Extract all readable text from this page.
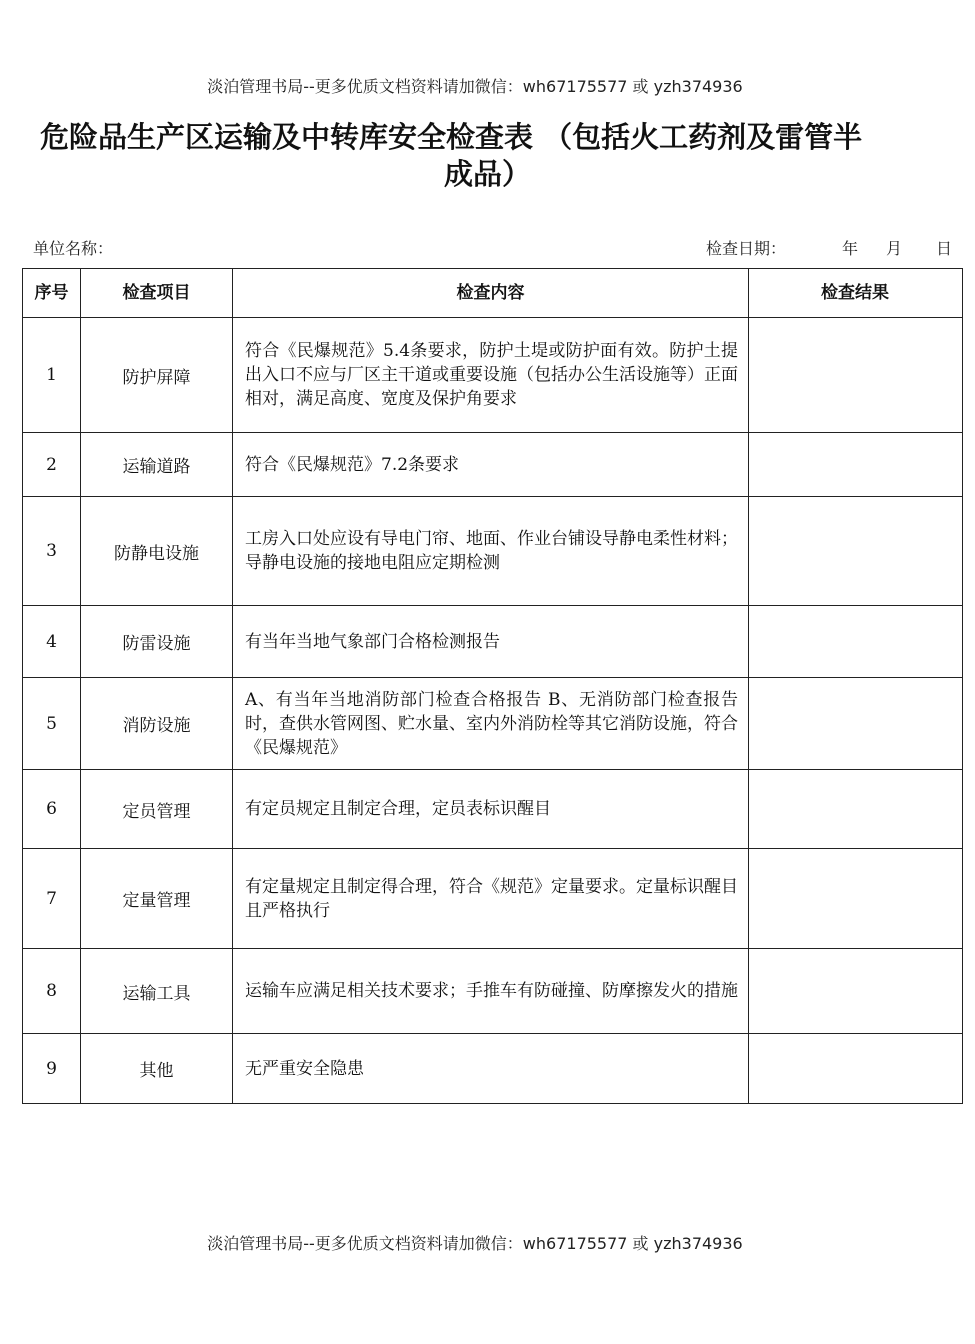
淡泊管理书局--更多优质文档资料请加微信：wh67175577 或 yzh374936
危险品生产区运输及中转库安全检查表 （包括火工药剂及雷管半
成品）
单位名称：	检查日期：	年 月 日
序号	检查项目	检查内容	检查结果
1	防护屏障	符合《民爆规范》5.4条要求，防护土堤或防护面有效。防护土提出入口不应与厂区主干道或重要设施（包括办公生活设施等）正面相对，满足高度、宽度及保护角要求	
2	运输道路	符合《民爆规范》7.2条要求	
3	防静电设施	工房入口处应设有导电门帘、地面、作业台铺设导静电柔性材料；导静电设施的接地电阻应定期检测	
4	防雷设施	有当年当地气象部门合格检测报告	
5	消防设施	A、有当年当地消防部门检查合格报告 B、无消防部门检查报告时，查供水管网图、贮水量、室内外消防栓等其它消防设施，符合《民爆规范》	
6	定员管理	有定员规定且制定合理，定员表标识醒目	
7	定量管理	有定量规定且制定得合理，符合《规范》定量要求。定量标识醒目且严格执行	
8	运输工具	运输车应满足相关技术要求；手推车有防碰撞、防摩擦发火的措施	
9	其他	无严重安全隐患	
淡泊管理书局--更多优质文档资料请加微信：wh67175577 或 yzh374936
